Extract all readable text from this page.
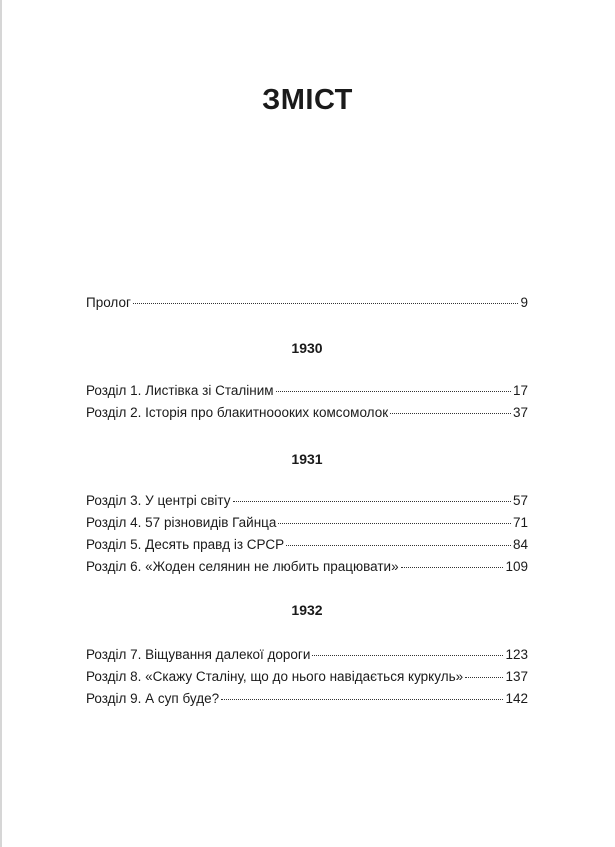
ЗМІСТ
Пролог	9
1930
Розділ 1. Листівка зі Сталіним	17
Розділ 2. Історія про блакитноооких комсомолок	37
1931
Розділ 3. У центрі світу	57
Розділ 4. 57 різновидів Гайнца	71
Розділ 5. Десять правд із СРСР	84
Розділ 6. «Жоден селянин не любить працювати»	109
1932
Розділ 7. Віщування далекої дороги	123
Розділ 8. «Скажу Сталіну, що до нього навідається куркуль»	137
Розділ 9. А суп буде?	142
